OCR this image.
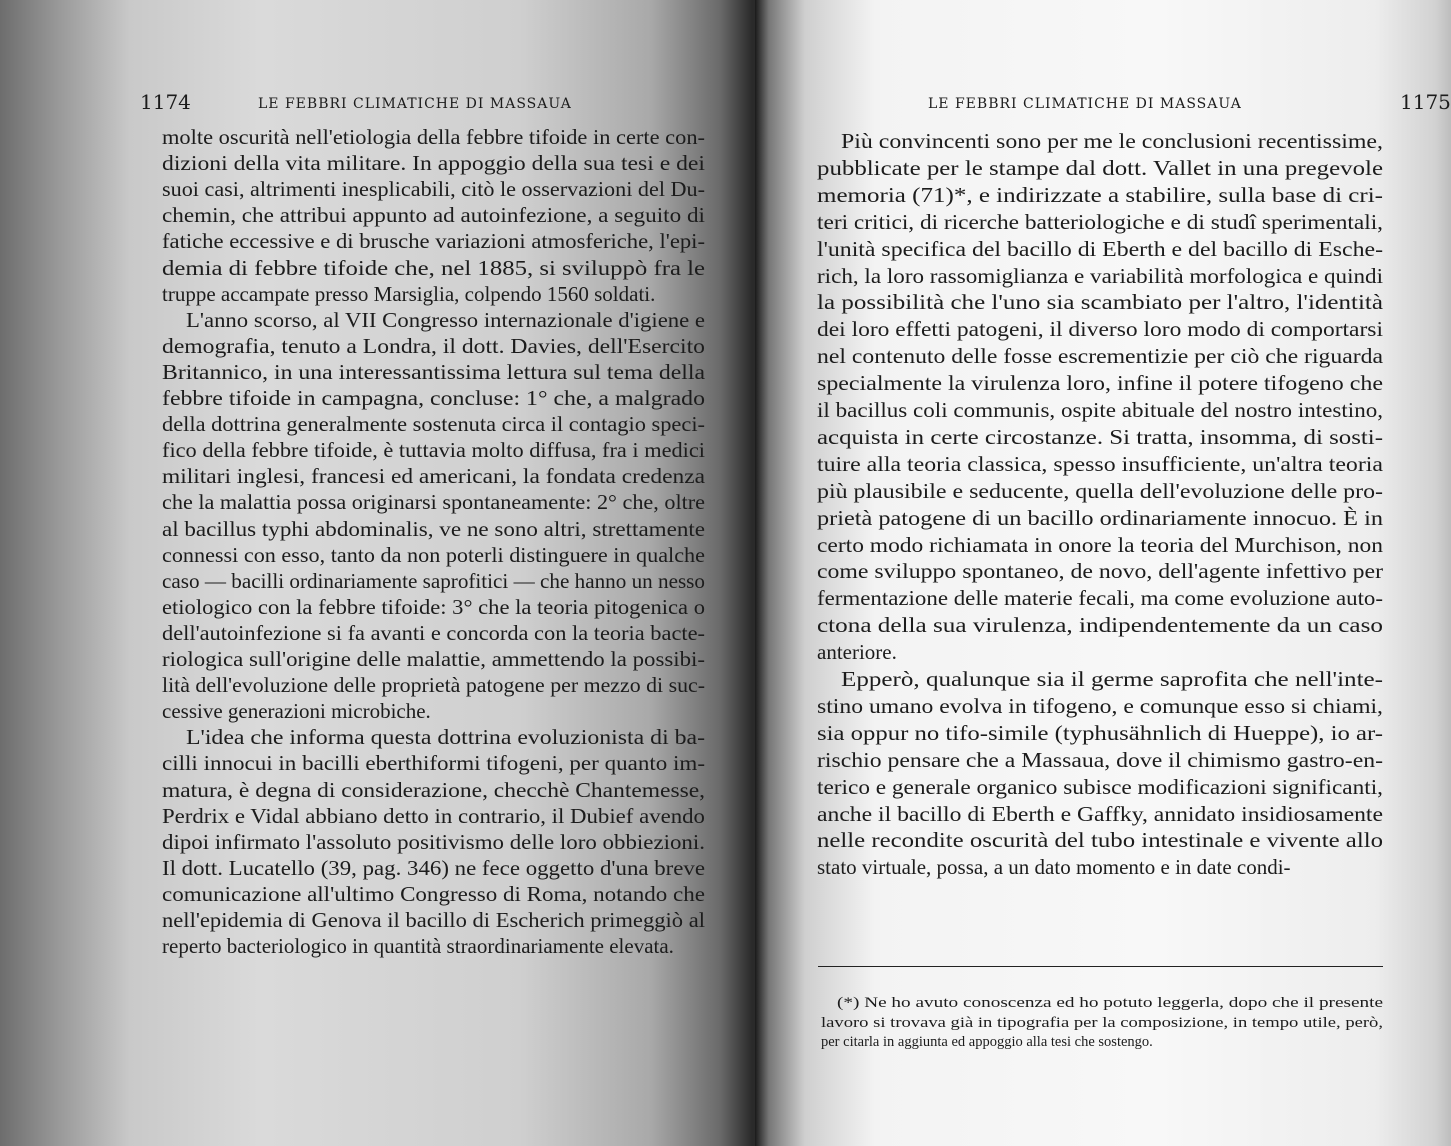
1174	LE FEBBRI CLIMATICHE DI MASSAUA
molte oscurità nell'etiologia della febbre tifoide in certe con-
dizioni della vita militare. In appoggio della sua tesi e dei
suoi casi, altrimenti inesplicabili, citò le osservazioni del Du-
chemin, che attribui appunto ad autoinfezione, a seguito di
fatiche eccessive e di brusche variazioni atmosferiche, l'epi-
demia di febbre tifoide che, nel 1885, si sviluppò fra le
truppe accampate presso Marsiglia, colpendo 1560 soldati.
L'anno scorso, al VII Congresso internazionale d'igiene e
demografia, tenuto a Londra, il dott. Davies, dell'Esercito
Britannico, in una interessantissima lettura sul tema della
febbre tifoide in campagna, concluse: 1° che, a malgrado
della dottrina generalmente sostenuta circa il contagio speci-
fico della febbre tifoide, è tuttavia molto diffusa, fra i medici
militari inglesi, francesi ed americani, la fondata credenza
che la malattia possa originarsi spontaneamente: 2° che, oltre
al bacillus typhi abdominalis, ve ne sono altri, strettamente
connessi con esso, tanto da non poterli distinguere in qualche
caso — bacilli ordinariamente saprofitici — che hanno un nesso
etiologico con la febbre tifoide: 3° che la teoria pitogenica o
dell'autoinfezione si fa avanti e concorda con la teoria bacte-
riologica sull'origine delle malattie, ammettendo la possibi-
lità dell'evoluzione delle proprietà patogene per mezzo di suc-
cessive generazioni microbiche.
L'idea che informa questa dottrina evoluzionista di ba-
cilli innocui in bacilli eberthiformi tifogeni, per quanto im-
matura, è degna di considerazione, checchè Chantemesse,
Perdrix e Vidal abbiano detto in contrario, il Dubief avendo
dipoi infirmato l'assoluto positivismo delle loro obbiezioni.
Il dott. Lucatello (39, pag. 346) ne fece oggetto d'una breve
comunicazione all'ultimo Congresso di Roma, notando che
nell'epidemia di Genova il bacillo di Escherich primeggiò al
reperto bacteriologico in quantità straordinariamente elevata.
LE FEBBRI CLIMATICHE DI MASSAUA	1175
Più convincenti sono per me le conclusioni recentissime,
pubblicate per le stampe dal dott. Vallet in una pregevole
memoria (71)*, e indirizzate a stabilire, sulla base di cri-
teri critici, di ricerche batteriologiche e di studî sperimentali,
l'unità specifica del bacillo di Eberth e del bacillo di Esche-
rich, la loro rassomiglianza e variabilità morfologica e quindi
la possibilità che l'uno sia scambiato per l'altro, l'identità
dei loro effetti patogeni, il diverso loro modo di comportarsi
nel contenuto delle fosse escrementizie per ciò che riguarda
specialmente la virulenza loro, infine il potere tifogeno che
il bacillus coli communis, ospite abituale del nostro intestino,
acquista in certe circostanze. Si tratta, insomma, di sosti-
tuire alla teoria classica, spesso insufficiente, un'altra teoria
più plausibile e seducente, quella dell'evoluzione delle pro-
prietà patogene di un bacillo ordinariamente innocuo. È in
certo modo richiamata in onore la teoria del Murchison, non
come sviluppo spontaneo, de novo, dell'agente infettivo per
fermentazione delle materie fecali, ma come evoluzione auto-
ctona della sua virulenza, indipendentemente da un caso
anteriore.
Epperò, qualunque sia il germe saprofita che nell'inte-
stino umano evolva in tifogeno, e comunque esso si chiami,
sia oppur no tifo-simile (typhusähnlich di Hueppe), io ar-
rischio pensare che a Massaua, dove il chimismo gastro-en-
terico e generale organico subisce modificazioni significanti,
anche il bacillo di Eberth e Gaffky, annidato insidiosamente
nelle recondite oscurità del tubo intestinale e vivente allo
stato virtuale, possa, a un dato momento e in date condi-
(*) Ne ho avuto conoscenza ed ho potuto leggerla, dopo che il presente
lavoro si trovava già in tipografia per la composizione, in tempo utile, però,
per citarla in aggiunta ed appoggio alla tesi che sostengo.
